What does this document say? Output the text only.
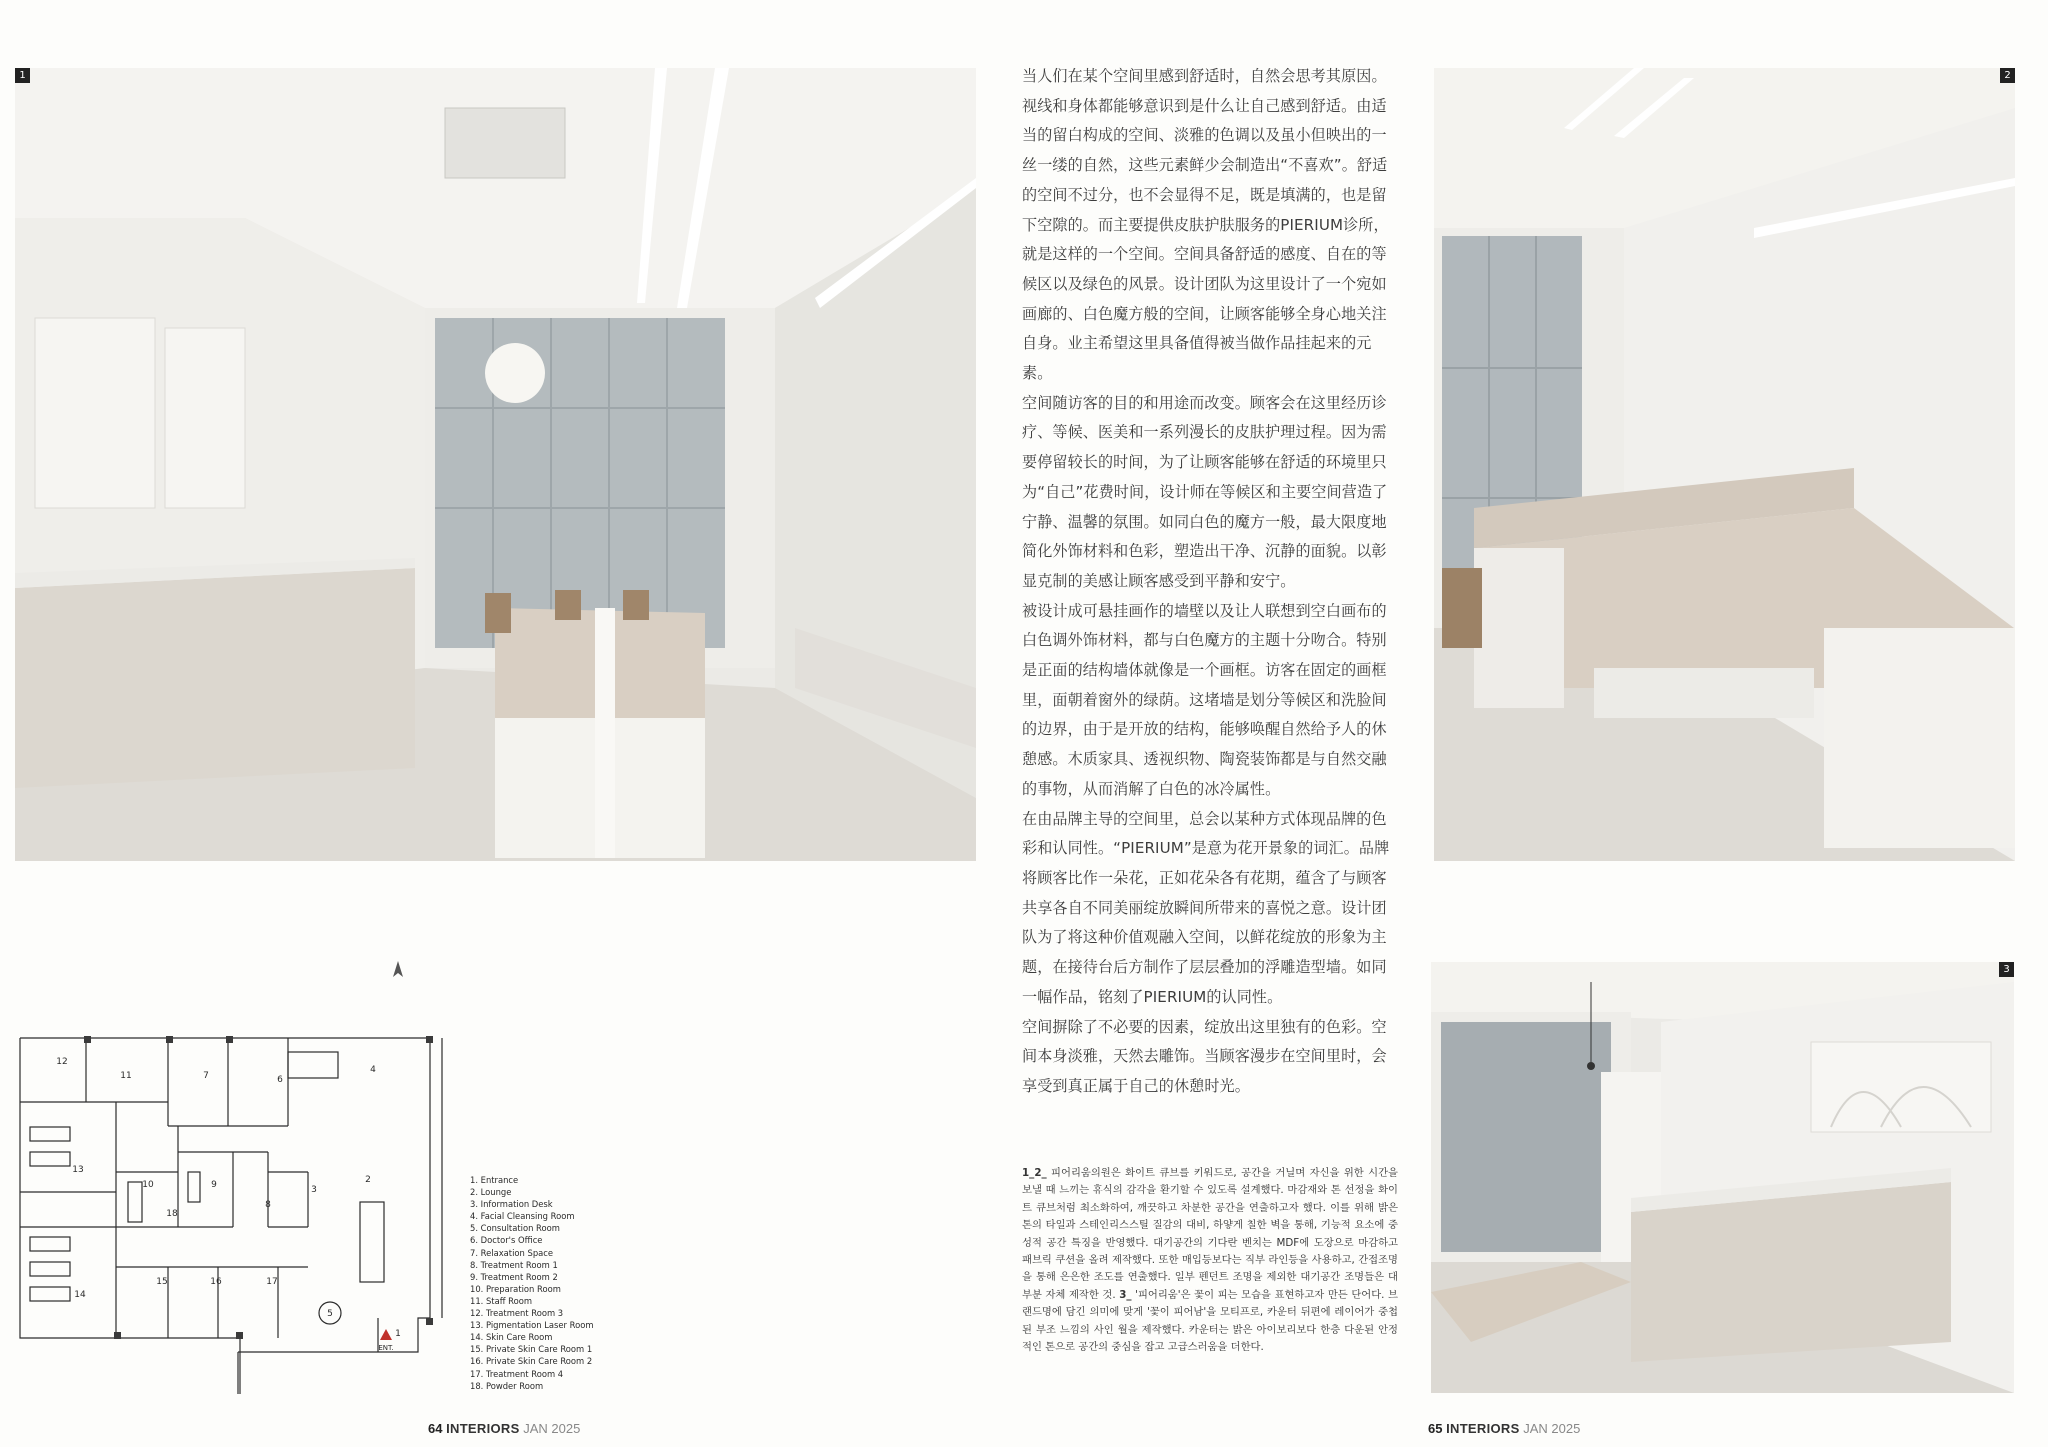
1	2
3

当人们在某个空间里感到舒适时，自然会思考其原因。视线和身体都能够意识到是什么让自己感到舒适。由适当的留白构成的空间、淡雅的色调以及虽小但映出的一丝一缕的自然，这些元素鲜少会制造出“不喜欢”。舒适的空间不过分，也不会显得不足，既是填满的，也是留下空隙的。而主要提供皮肤护肤服务的PIERIUM诊所，就是这样的一个空间。空间具备舒适的感度、自在的等候区以及绿色的风景。设计团队为这里设计了一个宛如画廊的、白色魔方般的空间，让顾客能够全身心地关注自身。业主希望这里具备值得被当做作品挂起来的元素。

空间随访客的目的和用途而改变。顾客会在这里经历诊疗、等候、医美和一系列漫长的皮肤护理过程。因为需要停留较长的时间，为了让顾客能够在舒适的环境里只为“自己”花费时间，设计师在等候区和主要空间营造了宁静、温馨的氛围。如同白色的魔方一般，最大限度地简化外饰材料和色彩，塑造出干净、沉静的面貌。以彰显克制的美感让顾客感受到平静和安宁。

被设计成可悬挂画作的墙壁以及让人联想到空白画布的白色调外饰材料，都与白色魔方的主题十分吻合。特别是正面的结构墙体就像是一个画框。访客在固定的画框里，面朝着窗外的绿荫。这堵墙是划分等候区和洗脸间的边界，由于是开放的结构，能够唤醒自然给予人的休憩感。木质家具、透视织物、陶瓷装饰都是与自然交融的事物，从而消解了白色的冰冷属性。

在由品牌主导的空间里，总会以某种方式体现品牌的色彩和认同性。“PIERIUM”是意为花开景象的词汇。品牌将顾客比作一朵花，正如花朵各有花期，蕴含了与顾客共享各自不同美丽绽放瞬间所带来的喜悦之意。设计团队为了将这种价值观融入空间，以鲜花绽放的形象为主题，在接待台后方制作了层层叠加的浮雕造型墙。如同一幅作品，铭刻了PIERIUM的认同性。

空间摒除了不必要的因素，绽放出这里独有的色彩。空间本身淡雅，天然去雕饰。当顾客漫步在空间里时，会享受到真正属于自己的休憩时光。

1_2_ 피어리움의원은 화이트 큐브를 키워드로, 공간을 거닐며 자신을 위한 시간을 보낼 때 느끼는 휴식의 감각을 환기할 수 있도록 설계했다. 마감재와 톤 선정을 화이트 큐브처럼 최소화하여, 깨끗하고 차분한 공간을 연출하고자 했다. 이를 위해 밝은 톤의 타일과 스테인리스스틸 질감의 대비, 하얗게 칠한 벽을 통해, 기능적 요소에 중성적 공간 특징을 반영했다. 대기공간의 기다란 벤치는 MDF에 도장으로 마감하고 패브릭 쿠션을 올려 제작했다. 또한 매입등보다는 직부 라인등을 사용하고, 간접조명을 통해 은은한 조도를 연출했다. 일부 펜던트 조명을 제외한 대기공간 조명들은 대부분 자체 제작한 것. 3_ '피어리움'은 꽃이 피는 모습을 표현하고자 만든 단어다. 브랜드명에 담긴 의미에 맞게 '꽃이 피어남'을 모티프로, 카운터 뒤편에 레이어가 중첩된 부조 느낌의 사인 월을 제작했다. 카운터는 밝은 아이보리보다 한층 다운된 안정적인 톤으로 공간의 중심을 잡고 고급스러움을 더한다.
1
2
3
4
5
6
7
8
9
10
11
12
13
14
15	16	17
18
ENT.
1. Entrance
2. Lounge
3. Information Desk
4. Facial Cleansing Room
5. Consultation Room
6. Doctor's Office
7. Relaxation Space
8. Treatment Room 1
9. Treatment Room 2
10. Preparation Room
11. Staff Room
12. Treatment Room 3
13. Pigmentation Laser Room
14. Skin Care Room
15. Private Skin Care Room 1
16. Private Skin Care Room 2
17. Treatment Room 4
18. Powder Room
64 INTERIORS JAN 2025	65 INTERIORS JAN 2025
